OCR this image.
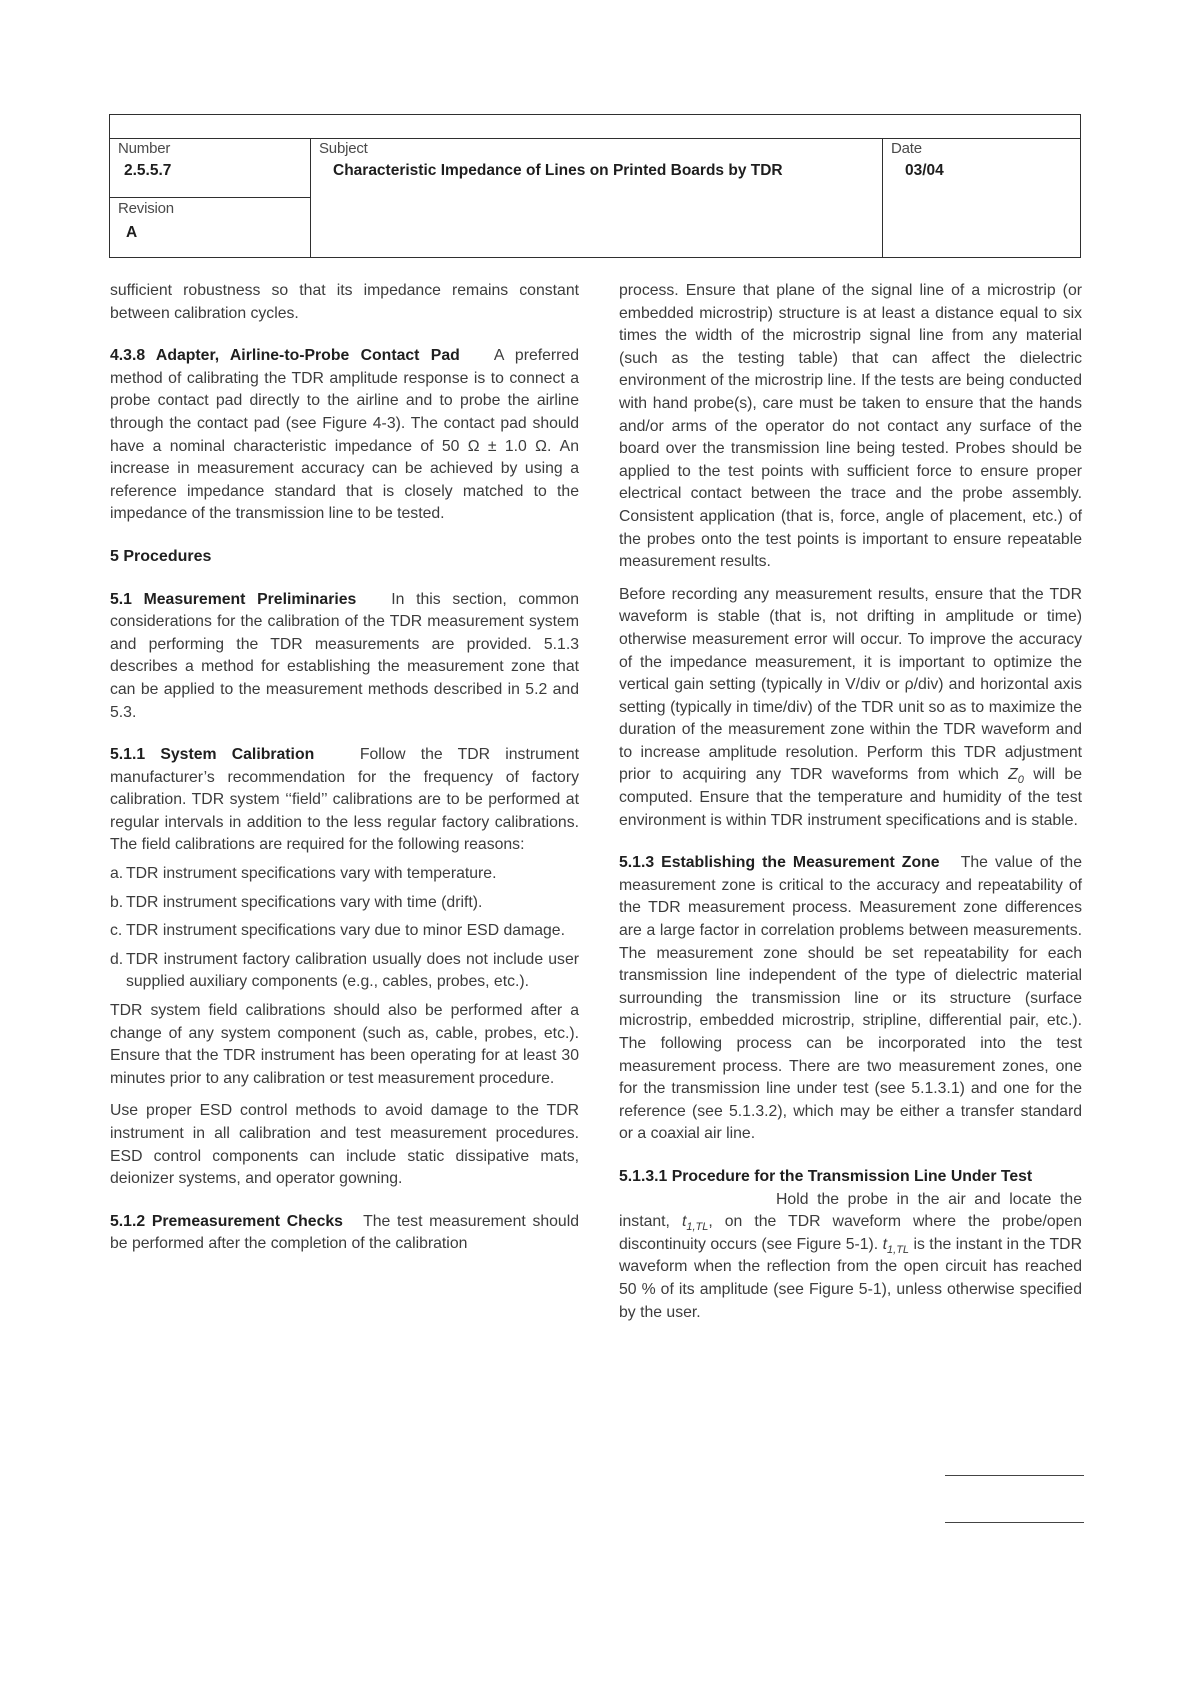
Number
2.5.5.7
Revision
A
Subject
Characteristic Impedance of Lines on Printed Boards by TDR
Date
03/04

sufficient robustness so that its impedance remains constant between calibration cycles.

4.3.8 Adapter, Airline-to-Probe Contact Pad A preferred method of calibrating the TDR amplitude response is to connect a probe contact pad directly to the airline and to probe the airline through the contact pad (see Figure 4-3). The contact pad should have a nominal characteristic impedance of 50 Ω ± 1.0 Ω. An increase in measurement accuracy can be achieved by using a reference impedance standard that is closely matched to the impedance of the transmission line to be tested.

5 Procedures

5.1 Measurement Preliminaries In this section, common considerations for the calibration of the TDR measurement system and performing the TDR measurements are provided. 5.1.3 describes a method for establishing the measurement zone that can be applied to the measurement methods described in 5.2 and 5.3.

5.1.1 System Calibration	Follow the TDR instrument manufacturer’s recommendation for the frequency of factory calibration. TDR system ‘‘field’’ calibrations are to be performed at regular intervals in addition to the less regular factory calibrations. The field calibrations are required for the following reasons:

a. TDR instrument specifications vary with temperature.
b. TDR instrument specifications vary with time (drift).
c. TDR instrument specifications vary due to minor ESD damage.
d. TDR instrument factory calibration usually does not include user supplied auxiliary components (e.g., cables, probes, etc.).

TDR system field calibrations should also be performed after a change of any system component (such as, cable, probes, etc.). Ensure that the TDR instrument has been operating for at least 30 minutes prior to any calibration or test measurement procedure.

Use proper ESD control methods to avoid damage to the TDR instrument in all calibration and test measurement procedures. ESD control components can include static dissipative mats, deionizer systems, and operator gowning.

5.1.2 Premeasurement Checks The test measurement should be performed after the completion of the calibration

process. Ensure that plane of the signal line of a microstrip (or embedded microstrip) structure is at least a distance equal to six times the width of the microstrip signal line from any material (such as the testing table) that can affect the dielectric environment of the microstrip line. If the tests are being conducted with hand probe(s), care must be taken to ensure that the hands and/or arms of the operator do not contact any surface of the board over the transmission line being tested. Probes should be applied to the test points with sufficient force to ensure proper electrical contact between the trace and the probe assembly. Consistent application (that is, force, angle of placement, etc.) of the probes onto the test points is important to ensure repeatable measurement results.

Before recording any measurement results, ensure that the TDR waveform is stable (that is, not drifting in amplitude or time) otherwise measurement error will occur. To improve the accuracy of the impedance measurement, it is important to optimize the vertical gain setting (typically in V/div or ρ/div) and horizontal axis setting (typically in time/div) of the TDR unit so as to maximize the duration of the measurement zone within the TDR waveform and to increase amplitude resolution. Perform this TDR adjustment prior to acquiring any TDR waveforms from which $Z_0$ will be computed. Ensure that the temperature and humidity of the test environment is within TDR instrument specifications and is stable.

5.1.3 Establishing the Measurement Zone The value of the measurement zone is critical to the accuracy and repeatability of the TDR measurement process. Measurement zone differences are a large factor in correlation problems between measurements. The measurement zone should be set repeatability for each transmission line independent of the type of dielectric material surrounding the transmission line or its structure (surface microstrip, embedded microstrip, stripline, differential pair, etc.). The following process can be incorporated into the test measurement process. There are two measurement zones, one for the transmission line under test (see 5.1.3.1) and one for the reference (see 5.1.3.2), which may be either a transfer standard or a coaxial air line.

5.1.3.1 Procedure for the Transmission Line Under Test

Hold the probe in the air and locate the instant, $t_{1,TL}$, on the TDR waveform where the probe/open discontinuity occurs (see Figure 5-1). $t_{1,TL}$ is the instant in the TDR waveform when the reflection from the open circuit has reached 50 % of its amplitude (see Figure 5-1), unless otherwise specified by the user.
